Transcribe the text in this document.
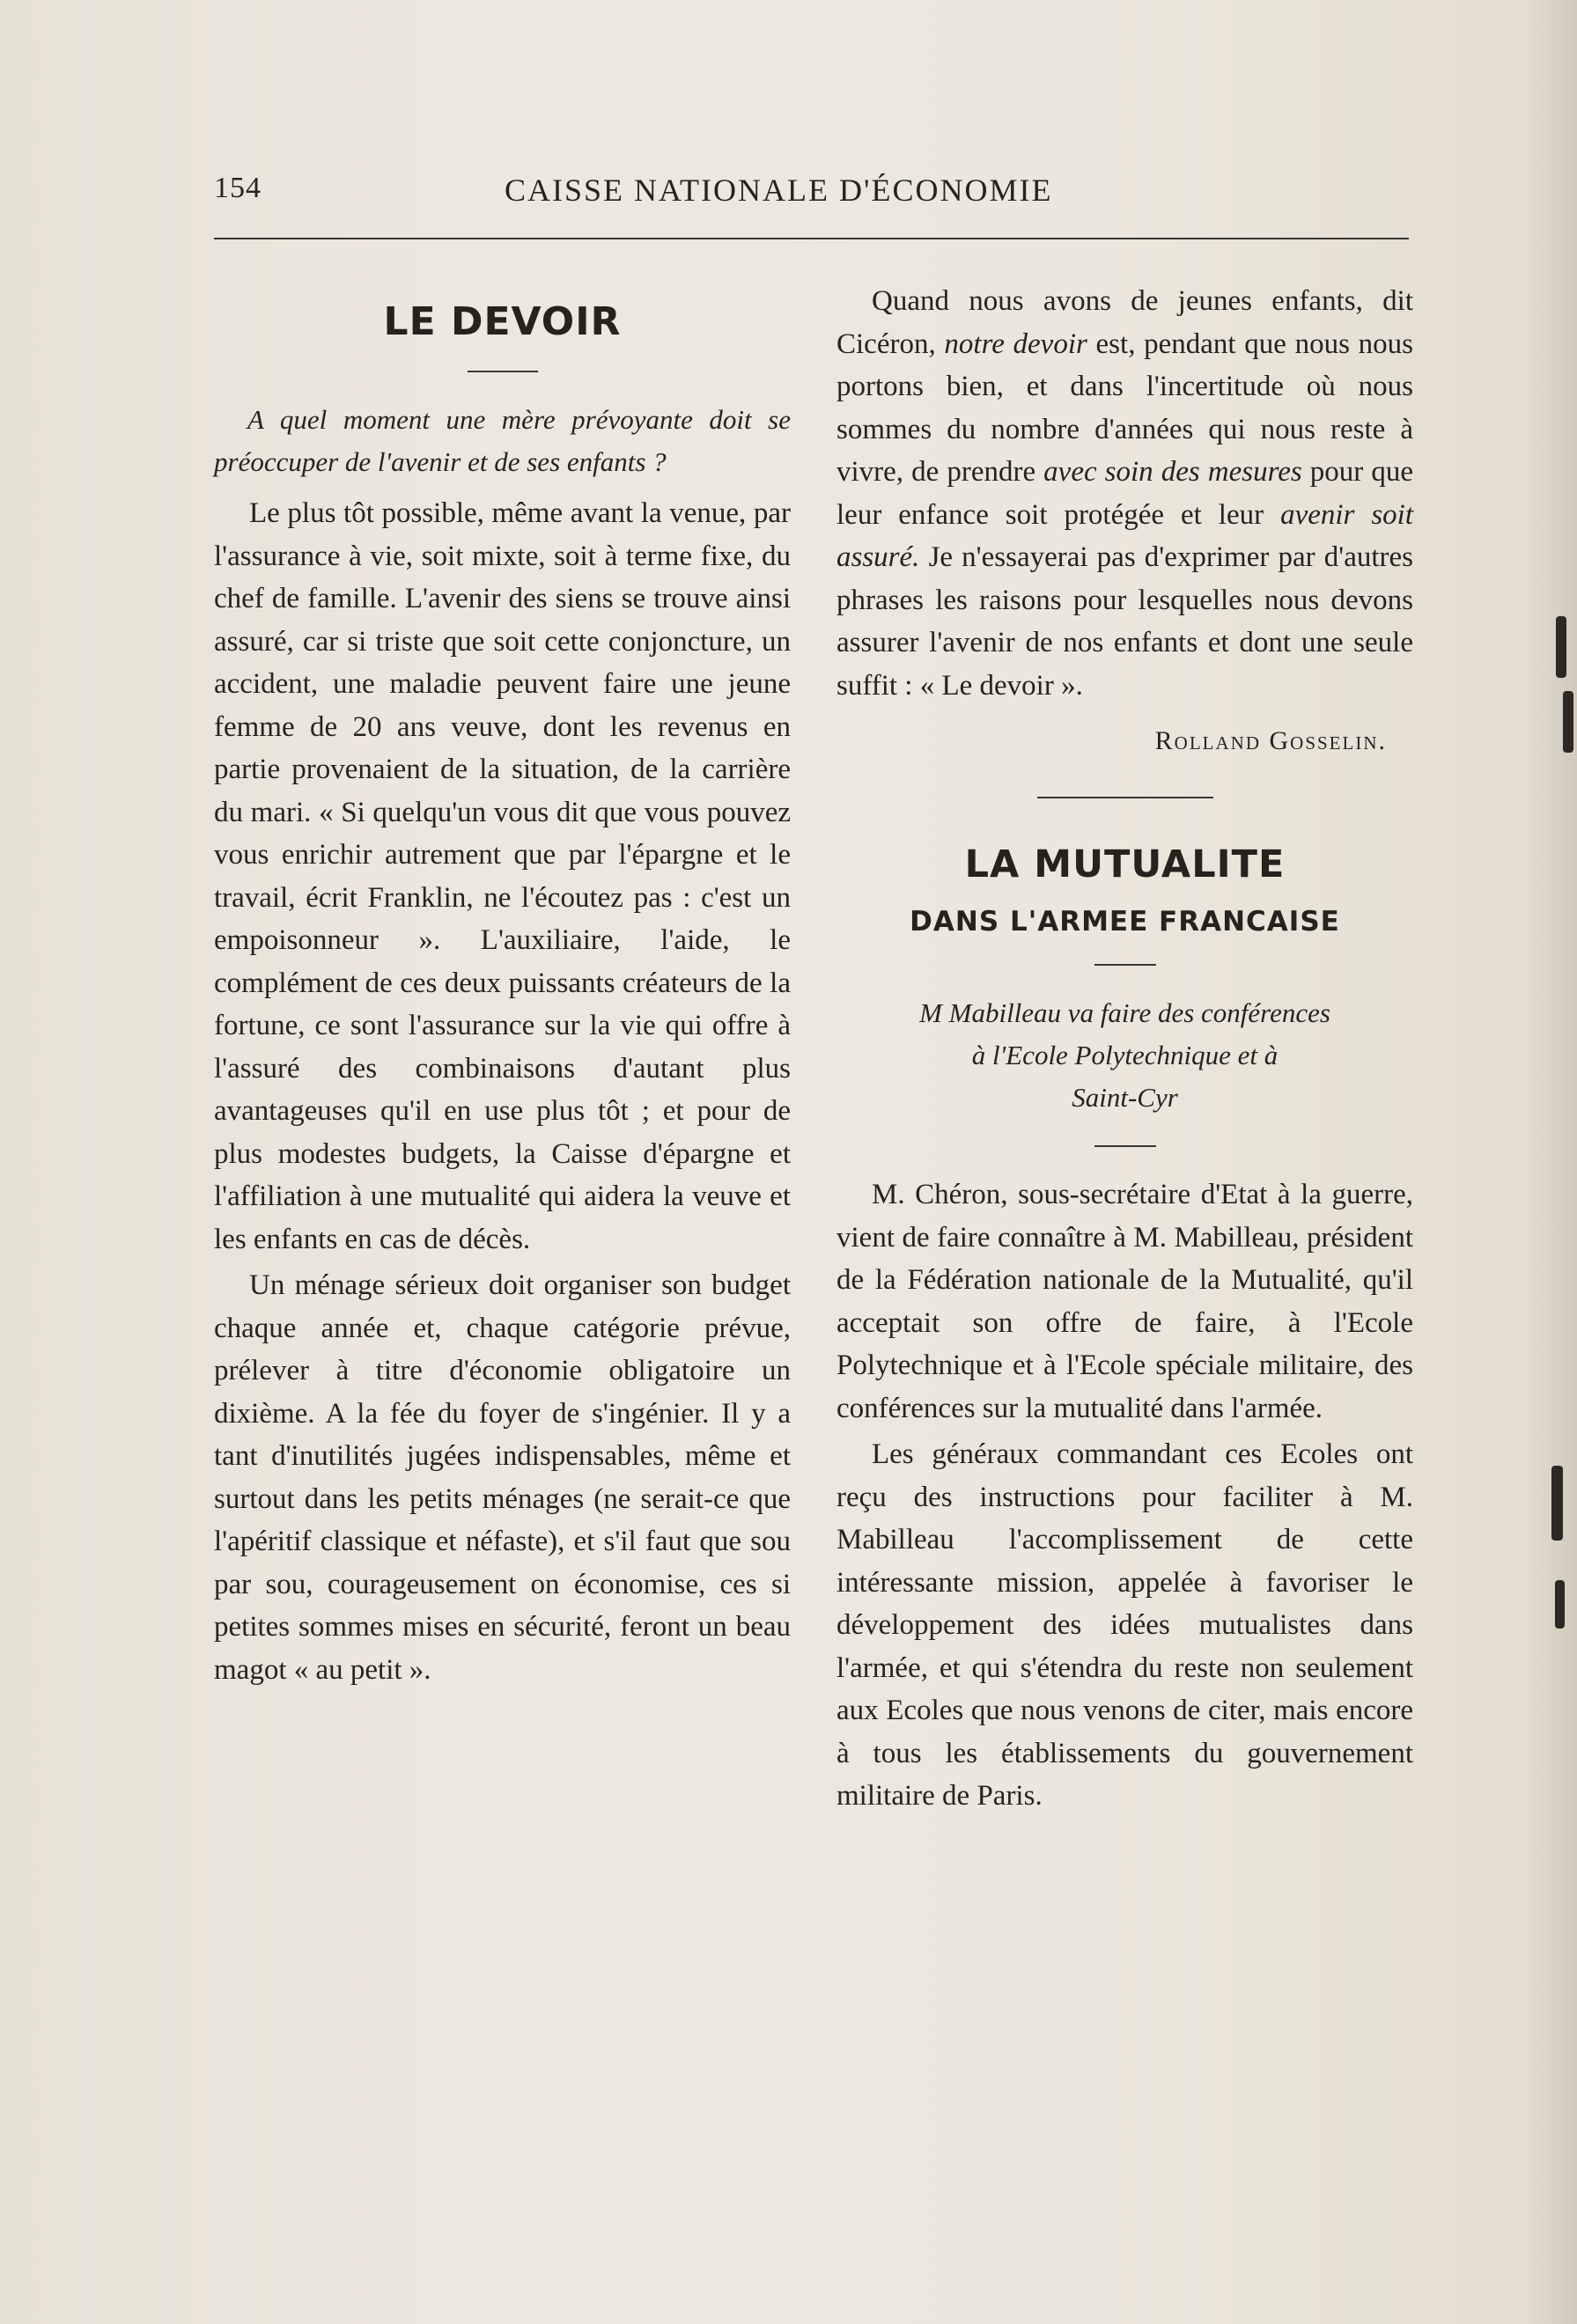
154	CAISSE NATIONALE D'ÉCONOMIE
LE DEVOIR

A quel moment une mère prévoyante doit se préoccuper de l'avenir et de ses enfants ?

Le plus tôt possible, même avant la venue, par l'assurance à vie, soit mixte, soit à terme fixe, du chef de famille. L'avenir des siens se trouve ainsi assuré, car si triste que soit cette conjoncture, un accident, une maladie peuvent faire une jeune femme de 20 ans veuve, dont les revenus en partie provenaient de la situation, de la carrière du mari. « Si quelqu'un vous dit que vous pouvez vous enrichir autrement que par l'épargne et le travail, écrit Franklin, ne l'écoutez pas : c'est un empoisonneur ». L'auxiliaire, l'aide, le complément de ces deux puissants créateurs de la fortune, ce sont l'assurance sur la vie qui offre à l'assuré des combinaisons d'autant plus avantageuses qu'il en use plus tôt ; et pour de plus modestes budgets, la Caisse d'épargne et l'affiliation à une mutualité qui aidera la veuve et les enfants en cas de décès.

Un ménage sérieux doit organiser son budget chaque année et, chaque catégorie prévue, prélever à titre d'économie obligatoire un dixième. A la fée du foyer de s'ingénier. Il y a tant d'inutilités jugées indispensables, même et surtout dans les petits ménages (ne serait-ce que l'apéritif classique et néfaste), et s'il faut que sou par sou, courageusement on économise, ces si petites sommes mises en sécurité, feront un beau magot « au petit ».

Quand nous avons de jeunes enfants, dit Cicéron, notre devoir est, pendant que nous nous portons bien, et dans l'incertitude où nous sommes du nombre d'années qui nous reste à vivre, de prendre avec soin des mesures pour que leur enfance soit protégée et leur avenir soit assuré. Je n'essayerai pas d'exprimer par d'autres phrases les raisons pour lesquelles nous devons assurer l'avenir de nos enfants et dont une seule suffit : « Le devoir ».

Rolland Gosselin.
LA MUTUALITE
DANS L'ARMEE FRANCAISE

M Mabilleau va faire des conférences

à l'Ecole Polytechnique et à

Saint-Cyr

M. Chéron, sous-secrétaire d'Etat à la guerre, vient de faire connaître à M. Mabilleau, président de la Fédération nationale de la Mutualité, qu'il acceptait son offre de faire, à l'Ecole Polytechnique et à l'Ecole spéciale militaire, des conférences sur la mutualité dans l'armée.

Les généraux commandant ces Ecoles ont reçu des instructions pour faciliter à M. Mabilleau l'accomplissement de cette intéressante mission, appelée à favoriser le développement des idées mutualistes dans l'armée, et qui s'étendra du reste non seulement aux Ecoles que nous venons de citer, mais encore à tous les établissements du gouvernement militaire de Paris.
